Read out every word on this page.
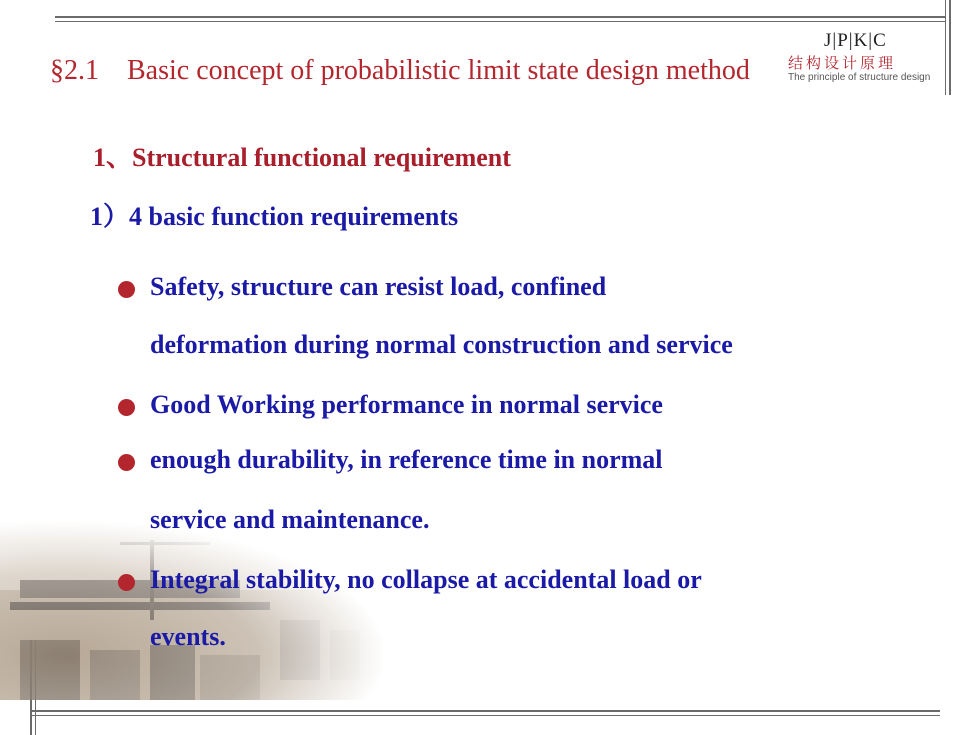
J|P|K|C
结构设计原理
The principle of structure design
§2.1 Basic concept of probabilistic limit state design method
1、Structural functional requirement
1）4 basic function requirements
Safety, structure can resist load, confined
deformation during normal construction and service
Good Working performance in normal service
enough durability, in reference time in normal
service and maintenance.
Integral stability, no collapse at accidental load or
events.
